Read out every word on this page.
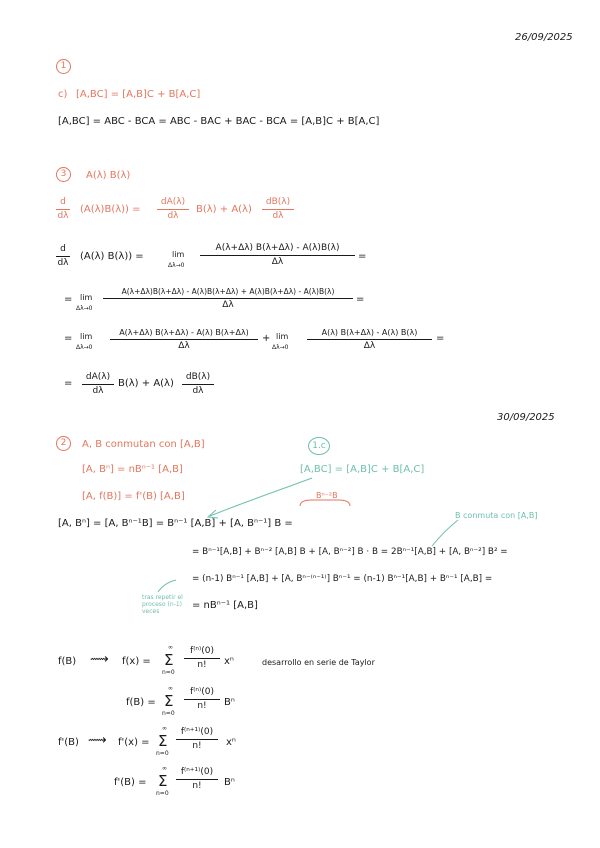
26/09/2025
30/09/2025
1
c) [A,BC] = [A,B]C + B[A,C]
[A,BC] = ABC - BCA = ABC - BAC + BAC - BCA = [A,B]C + B[A,C]
3	A(λ) B(λ)
d
dλ
(A(λ)B(λ)) =
dA(λ)
dλ
B(λ) + A(λ)
dB(λ)
dλ
d
dλ
(A(λ) B(λ)) =	lim
Δλ→0
A(λ+Δλ) B(λ+Δλ) - A(λ)B(λ)
Δλ	=
= lim
Δλ→0
A(λ+Δλ)B(λ+Δλ) - A(λ)B(λ+Δλ) + A(λ)B(λ+Δλ) - A(λ)B(λ)
Δλ	=
= lim
Δλ→0
A(λ+Δλ) B(λ+Δλ) - A(λ) B(λ+Δλ)
Δλ
+ lim
Δλ→0
A(λ) B(λ+Δλ) - A(λ) B(λ)
Δλ
=
=
dA(λ)
dλ
B(λ) + A(λ)
dB(λ)
dλ
2	A, B conmutan con [A,B]
[A, Bⁿ] = nBⁿ⁻¹ [A,B]
[A, f(B)] = f'(B) [A,B]
1.c
[A,BC] = [A,B]C + B[A,C]
Bⁿ⁻²B
B conmuta con [A,B]
[A, Bⁿ] = [A, Bⁿ⁻¹B] = Bⁿ⁻¹ [A,B] + [A, Bⁿ⁻¹] B =
= Bⁿ⁻¹[A,B] + Bⁿ⁻² [A,B] B + [A, Bⁿ⁻²] B · B = 2Bⁿ⁻¹[A,B] + [A, Bⁿ⁻²] B² =
= (n-1) Bⁿ⁻¹ [A,B] + [A, Bⁿ⁻⁽ⁿ⁻¹⁾] Bⁿ⁻¹ = (n-1) Bⁿ⁻¹[A,B] + Bⁿ⁻¹ [A,B] =
= nBⁿ⁻¹ [A,B]
tras repetir el proceso (n-1) veces
f(B) ⟿ f(x) =
∞
Σ
n=0
f⁽ⁿ⁾(0)
n!	xⁿ	desarrollo en serie de Taylor
f(B) =
∞
Σ
n=0
f⁽ⁿ⁾(0)
n!	Bⁿ
f'(B) ⟿ f'(x) =
∞
Σ
n=0
f⁽ⁿ⁺¹⁾(0)
n!	xⁿ
f'(B) =
∞
Σ
n=0
f⁽ⁿ⁺¹⁾(0)
n!	Bⁿ
